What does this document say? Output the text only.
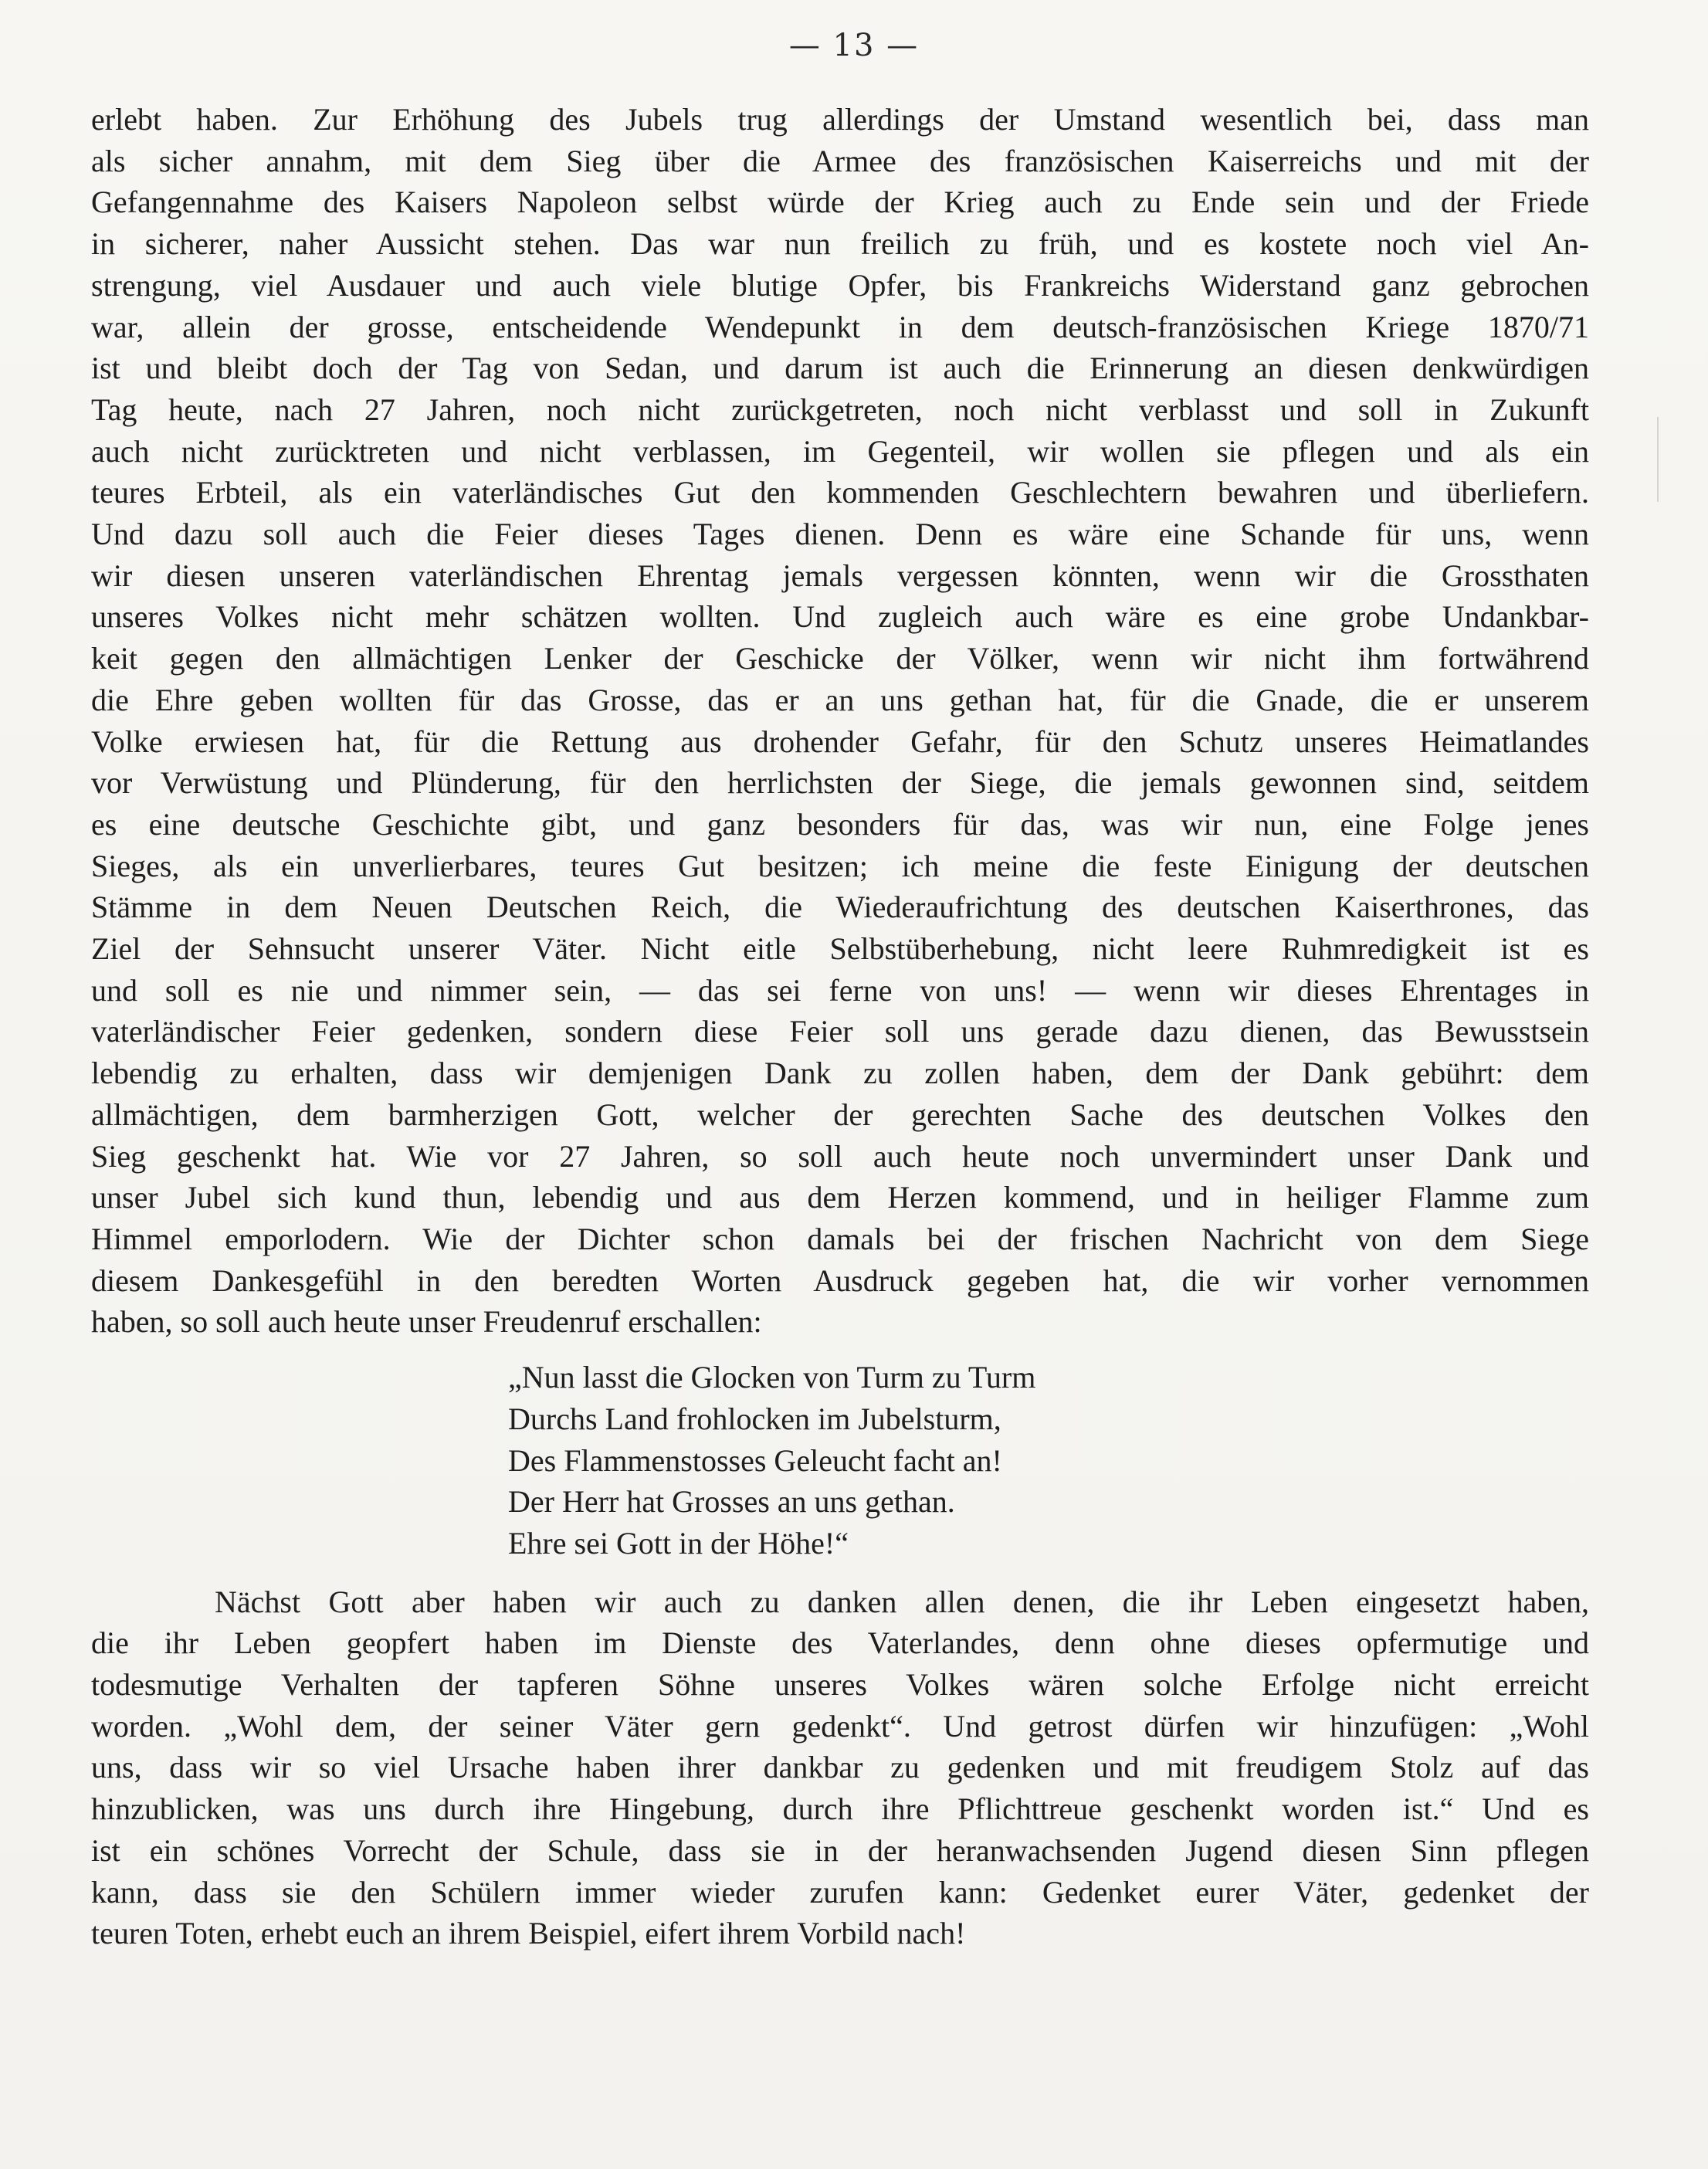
— 13 —
erlebt haben. Zur Erhöhung des Jubels trug allerdings der Umstand wesentlich bei, dass man
als sicher annahm, mit dem Sieg über die Armee des französischen Kaiserreichs und mit der
Gefangennahme des Kaisers Napoleon selbst würde der Krieg auch zu Ende sein und der Friede
in sicherer, naher Aussicht stehen. Das war nun freilich zu früh, und es kostete noch viel An-
strengung, viel Ausdauer und auch viele blutige Opfer, bis Frankreichs Widerstand ganz gebrochen
war, allein der grosse, entscheidende Wendepunkt in dem deutsch-französischen Kriege 1870/71
ist und bleibt doch der Tag von Sedan, und darum ist auch die Erinnerung an diesen denkwürdigen
Tag heute, nach 27 Jahren, noch nicht zurückgetreten, noch nicht verblasst und soll in Zukunft
auch nicht zurücktreten und nicht verblassen, im Gegenteil, wir wollen sie pflegen und als ein
teures Erbteil, als ein vaterländisches Gut den kommenden Geschlechtern bewahren und überliefern.
Und dazu soll auch die Feier dieses Tages dienen. Denn es wäre eine Schande für uns, wenn
wir diesen unseren vaterländischen Ehrentag jemals vergessen könnten, wenn wir die Grossthaten
unseres Volkes nicht mehr schätzen wollten. Und zugleich auch wäre es eine grobe Undankbar-
keit gegen den allmächtigen Lenker der Geschicke der Völker, wenn wir nicht ihm fortwährend
die Ehre geben wollten für das Grosse, das er an uns gethan hat, für die Gnade, die er unserem
Volke erwiesen hat, für die Rettung aus drohender Gefahr, für den Schutz unseres Heimatlandes
vor Verwüstung und Plünderung, für den herrlichsten der Siege, die jemals gewonnen sind, seitdem
es eine deutsche Geschichte gibt, und ganz besonders für das, was wir nun, eine Folge jenes
Sieges, als ein unverlierbares, teures Gut besitzen; ich meine die feste Einigung der deutschen
Stämme in dem Neuen Deutschen Reich, die Wiederaufrichtung des deutschen Kaiserthrones, das
Ziel der Sehnsucht unserer Väter. Nicht eitle Selbstüberhebung, nicht leere Ruhmredigkeit ist es
und soll es nie und nimmer sein, — das sei ferne von uns! — wenn wir dieses Ehrentages in
vaterländischer Feier gedenken, sondern diese Feier soll uns gerade dazu dienen, das Bewusstsein
lebendig zu erhalten, dass wir demjenigen Dank zu zollen haben, dem der Dank gebührt: dem
allmächtigen, dem barmherzigen Gott, welcher der gerechten Sache des deutschen Volkes den
Sieg geschenkt hat. Wie vor 27 Jahren, so soll auch heute noch unvermindert unser Dank und
unser Jubel sich kund thun, lebendig und aus dem Herzen kommend, und in heiliger Flamme zum
Himmel emporlodern. Wie der Dichter schon damals bei der frischen Nachricht von dem Siege
diesem Dankesgefühl in den beredten Worten Ausdruck gegeben hat, die wir vorher vernommen
haben, so soll auch heute unser Freudenruf erschallen:
„Nun lasst die Glocken von Turm zu Turm
Durchs Land frohlocken im Jubelsturm,
Des Flammenstosses Geleucht facht an!
Der Herr hat Grosses an uns gethan.
Ehre sei Gott in der Höhe!“
Nächst Gott aber haben wir auch zu danken allen denen, die ihr Leben eingesetzt haben,
die ihr Leben geopfert haben im Dienste des Vaterlandes, denn ohne dieses opfermutige und
todesmutige Verhalten der tapferen Söhne unseres Volkes wären solche Erfolge nicht erreicht
worden. „Wohl dem, der seiner Väter gern gedenkt“. Und getrost dürfen wir hinzufügen: „Wohl
uns, dass wir so viel Ursache haben ihrer dankbar zu gedenken und mit freudigem Stolz auf das
hinzublicken, was uns durch ihre Hingebung, durch ihre Pflichttreue geschenkt worden ist.“ Und es
ist ein schönes Vorrecht der Schule, dass sie in der heranwachsenden Jugend diesen Sinn pflegen
kann, dass sie den Schülern immer wieder zurufen kann: Gedenket eurer Väter, gedenket der
teuren Toten, erhebt euch an ihrem Beispiel, eifert ihrem Vorbild nach!
